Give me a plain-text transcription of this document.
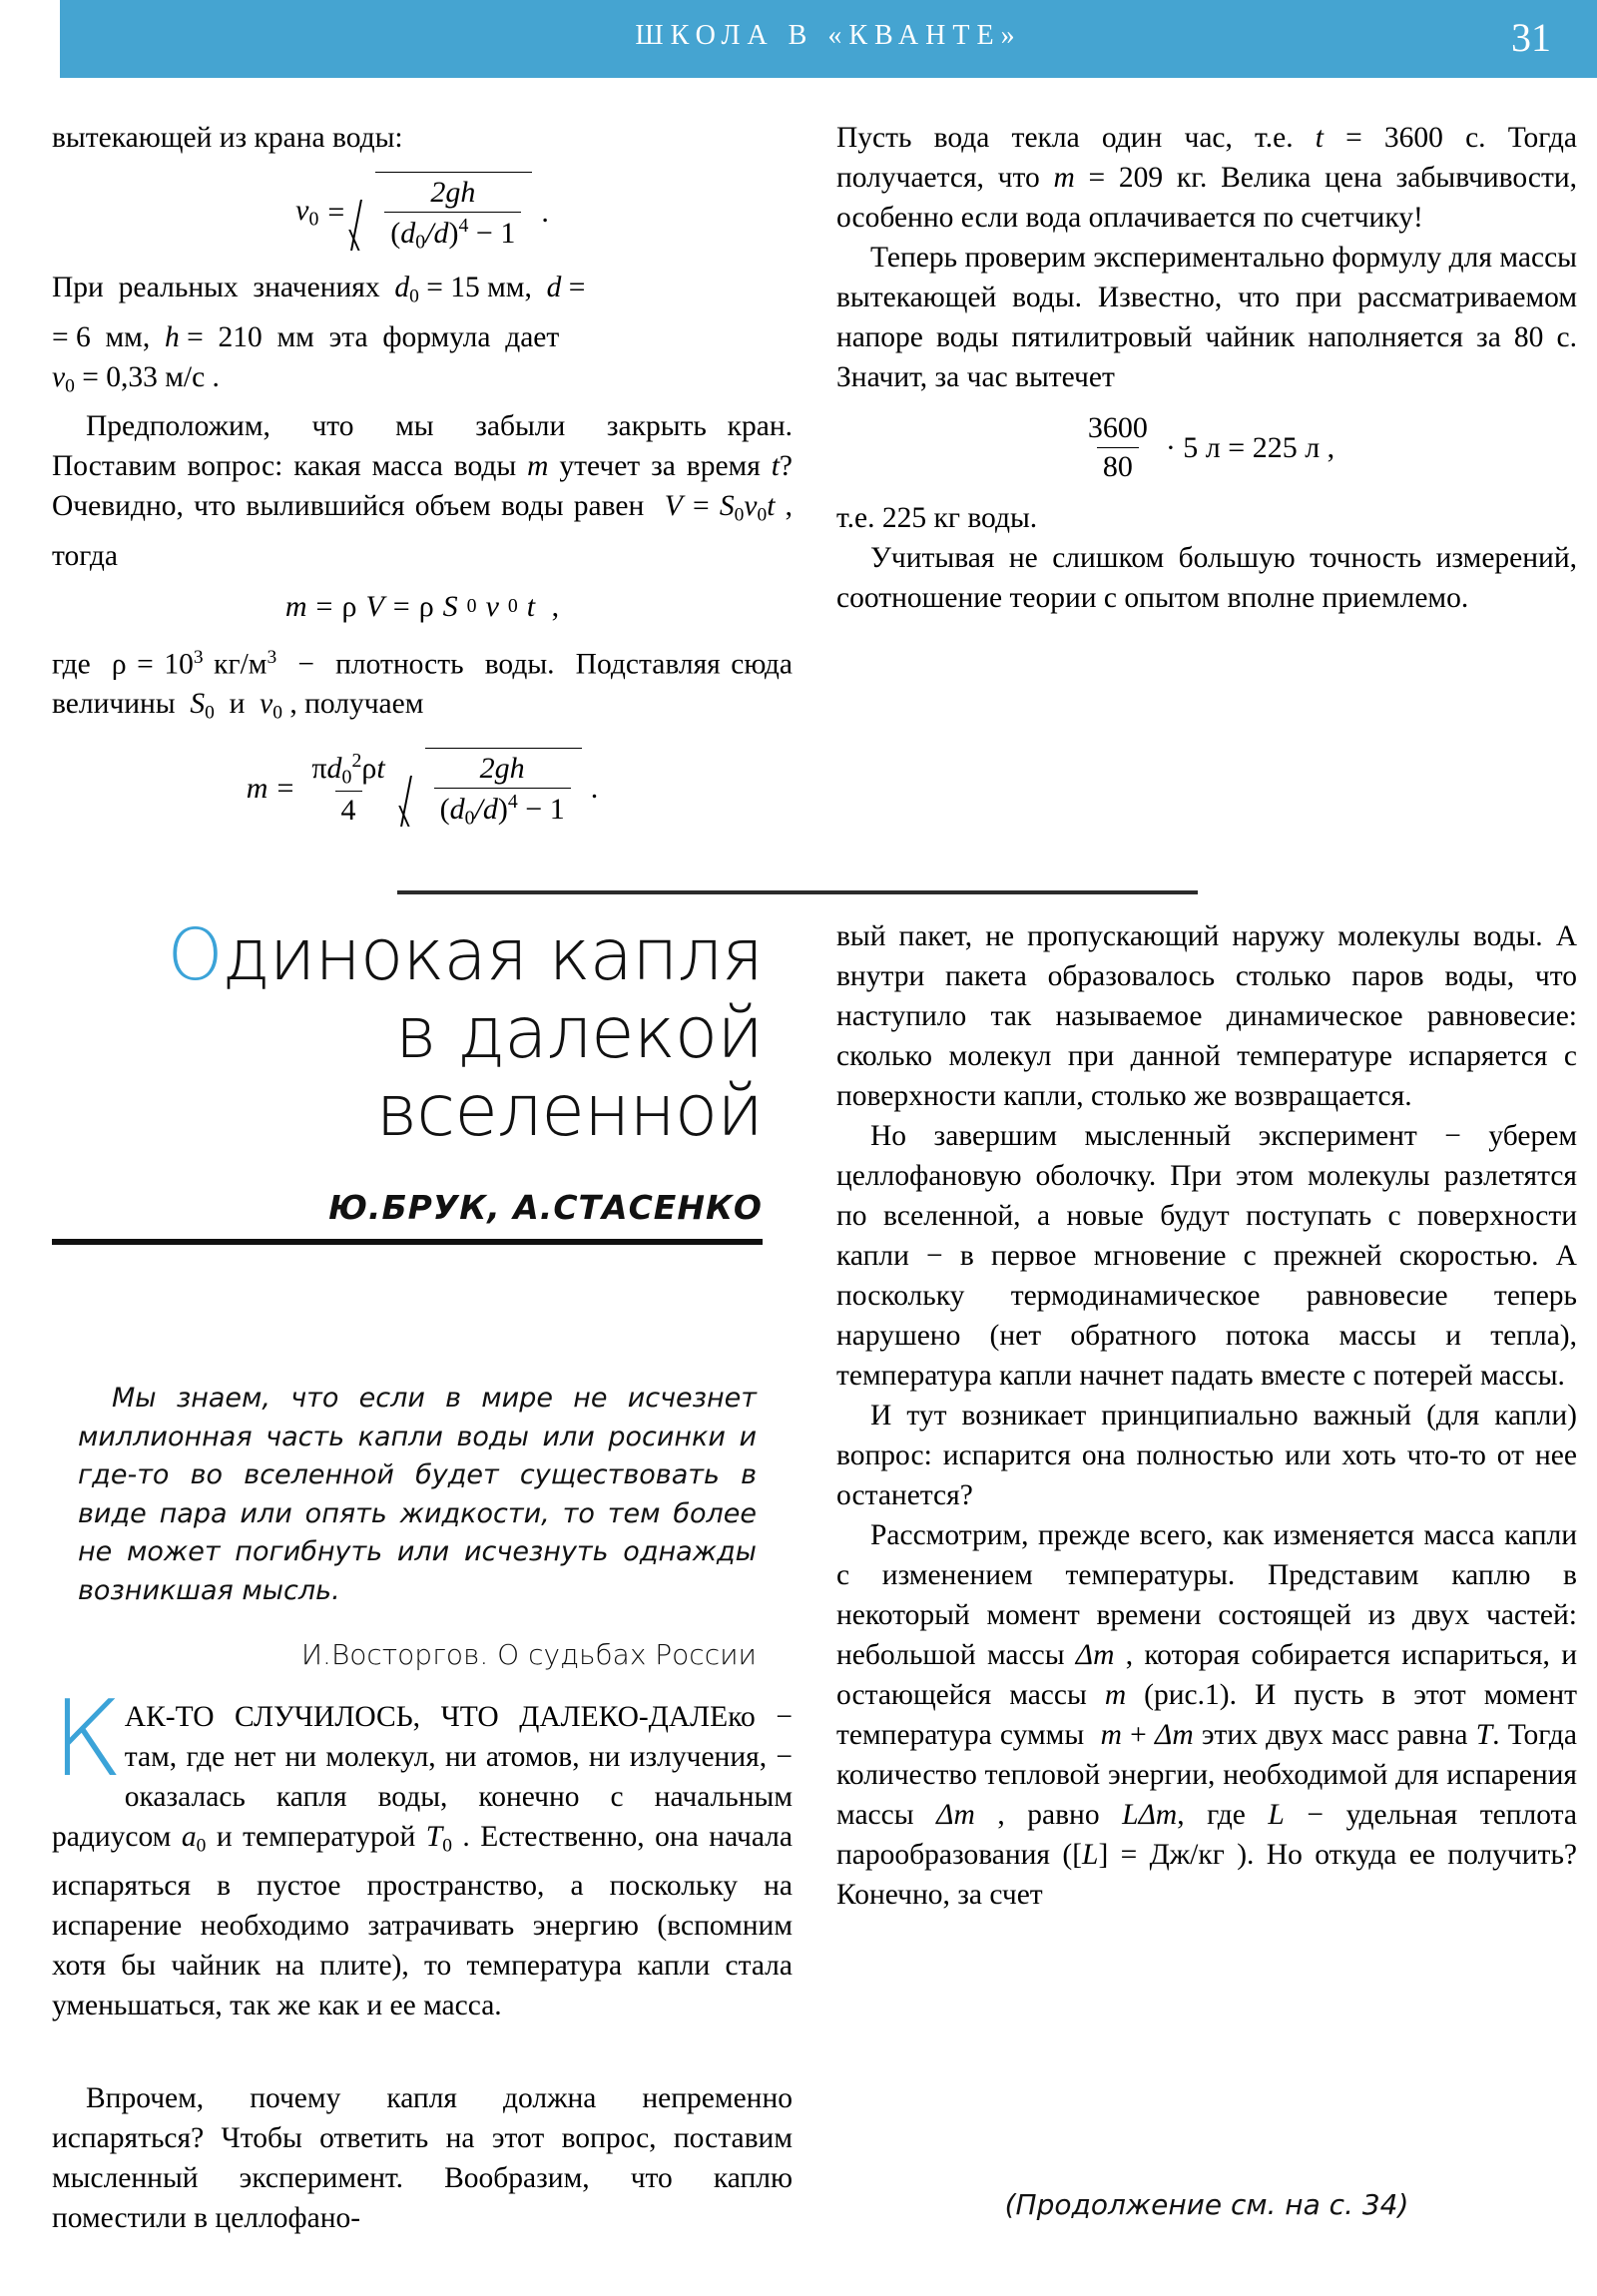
ШКОЛА В «КВАНТЕ»	31

вытекающей из крана воды:

$v_0$ =
$\frac{2gh}{(d_0/d)^4 - 1}$ .

При  реальных  значениях  $d_0 = 15$ мм,  d =
= 6  мм,  h =  210  мм  эта  формула  дает
$v_0 = 0,33$ м/с .

Предположим,  что  мы  забыли  закрыть кран. Поставим вопрос: какая масса воды m утечет за время t? Очевидно, что вылившийся объем воды равен  $V = S_0v_0t$ , тогда

m = ρ V = ρ S 0 v 0 t ,

где  $\rho = 10^3$ $кг/м^3$  −  плотность  воды.  Подставляя сюда величины  $S_0$  и  $v_0$ , получаем

$m = \frac{\pi d_0^2\rho t}{4}$
$\frac{2gh}{(d_0/d)^4 - 1}$ .

Пусть вода текла один час, т.е. t = 3600 с. Тогда получается, что m = 209 кг. Велика цена забывчивости, особенно если вода оплачивается по счетчику!

Теперь проверим экспериментально формулу для массы вытекающей воды. Известно, что при рассматриваемом напоре воды пятилитровый чайник наполняется за 80 с. Значит, за час вытечет

$\frac{3600}{80} \cdot 5$ л = 225 л ,

т.е. 225 кг воды.

Учитывая не слишком большую точность измерений, соотношение теории с опытом вполне приемлемо.

Одинокая капля
в далекой
вселенной
Ю.БРУК, А.СТАСЕНКО

Мы знаем, что если в мире не исчезнет миллионная часть капли воды или росинки и где-то во вселенной будет существовать в виде пара или опять жидкости, то тем более не может погибнуть или исчезнуть однажды возникшая мысль.

И.Восторгов. О судьбах России

К АК-ТО СЛУЧИЛОСЬ, ЧТО ДАЛЕКО-ДАЛЕко − там, где нет ни молекул, ни атомов, ни излучения, − оказалась капля воды, конечно с начальным радиусом $a_0$ и температурой $T_0$ . Естественно, она начала испаряться в пустое пространство, а поскольку на испарение необходимо затрачивать энергию (вспомним хотя бы чайник на плите), то температура капли стала уменьшаться, так же как и ее масса.

Впрочем, почему капля должна непременно испаряться? Чтобы ответить на этот вопрос, поставим мысленный эксперимент. Вообразим, что каплю поместили в целлофано-

вый пакет, не пропускающий наружу молекулы воды. А внутри пакета образовалось столько паров воды, что наступило так называемое динамическое равновесие: сколько молекул при данной температуре испаряется с поверхности капли, столько же возвращается.

Но завершим мысленный эксперимент − уберем целлофановую оболочку. При этом молекулы разлетятся по вселенной, а новые будут поступать с поверхности капли − в первое мгновение с прежней скоростью. А поскольку термодинамическое равновесие теперь нарушено (нет обратного потока массы и тепла), температура капли начнет падать вместе с потерей массы.

И тут возникает принципиально важный (для капли) вопрос: испарится она полностью или хоть что-то от нее останется?

Рассмотрим, прежде всего, как изменяется масса капли с изменением температуры. Представим каплю в некоторый момент времени состоящей из двух частей: небольшой массы Δm , которая собирается испариться, и остающейся массы m (рис.1). И пусть в этот момент температура суммы  m + Δm этих двух масс равна T. Тогда количество тепловой энергии, необходимой для испарения массы Δm , равно LΔm, где L − удельная теплота парообразования ([L] = Дж/кг ). Но откуда ее получить? Конечно, за счет

(Продолжение см. на с. 34)
